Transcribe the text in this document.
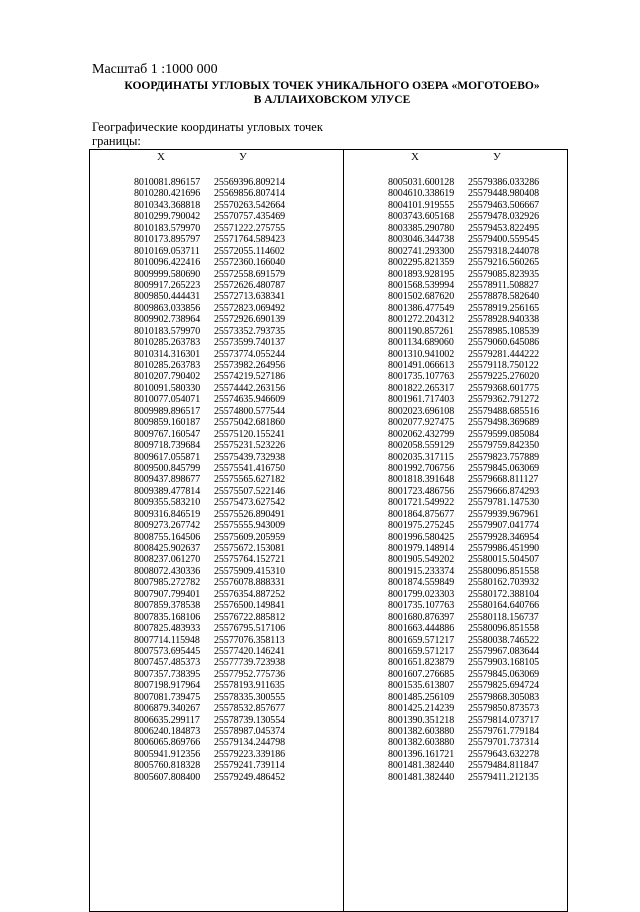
Масштаб 1 :1000 000
КООРДИНАТЫ УГЛОВЫХ ТОЧЕК УНИКАЛЬНОГО ОЗЕРА «МОГОТОЕВО»
В АЛЛАИХОВСКОМ УЛУСЕ
Географические координаты угловых точек
границы:
X	У
8010081.896157 25569396.809214
8010280.421696 25569856.807414
8010343.368818 25570263.542664
8010299.790042 25570757.435469
8010183.579970 25571222.275755
8010173.895797 25571764.589423
8010169.053711 25572055.114602
8010096.422416 25572360.166040
8009999.580690 25572558.691579
8009917.265223 25572626.480787
8009850.444431 25572713.638341
8009863.033856 25572823.069492
8009902.738964 25572926.690139
8010183.579970 25573352.793735
8010285.263783 25573599.740137
8010314.316301 25573774.055244
8010285.263783 25573982.264956
8010207.790402 25574219.527186
8010091.580330 25574442.263156
8010077.054071 25574635.946609
8009989.896517 25574800.577544
8009859.160187 25575042.681860
8009767.160547 25575120.155241
8009718.739684 25575231.523226
8009617.055871 25575439.732938
8009500.845799 25575541.416750
8009437.898677 25575565.627182
8009389.477814 25575507.522146
8009355.583210 25575473.627542
8009316.846519 25575526.890491
8009273.267742 25575555.943009
8008755.164506 25575609.205959
8008425.902637 25575672.153081
8008237.061270 25575764.152721
8008072.430336 25575909.415310
8007985.272782 25576078.888331
8007907.799401 25576354.887252
8007859.378538 25576500.149841
8007835.168106 25576722.885812
8007825.483933 25576795.517106
8007714.115948 25577076.358113
8007573.695445 25577420.146241
8007457.485373 25577739.723938
8007357.738395 25577952.775736
8007198.917964 25578193.911635
8007081.739475 25578335.300555
8006879.340267 25578532.857677
8006635.299117 25578739.130554
8006240.184873 25578987.045374
8006065.869766 25579134.244798
8005941.912356 25579223.339186
8005760.818328 25579241.739114
8005607.808400 25579249.486452
X	У
8005031.600128 25579386.033286
8004610.338619 25579448.980408
8004101.919555 25579463.506667
8003743.605168 25579478.032926
8003385.290780 25579453.822495
8003046.344738 25579400.559545
8002741.293300 25579318.244078
8002295.821359 25579216.560265
8001893.928195 25579085.823935
8001568.539994 25578911.508827
8001502.687620 25578878.582640
8001386.477549 25578919.256165
8001272.204312 25578928.940338
8001190.857261 25578985.108539
8001134.689060 25579060.645086
8001310.941002 25579281.444222
8001491.066613 25579118.750122
8001735.107763 25579225.276020
8001822.265317 25579368.601775
8001961.717403 25579362.791272
8002023.696108 25579488.685516
8002077.927475 25579498.369689
8002062.432799 25579599.085084
8002058.559129 25579759.842350
8002035.317115 25579823.757889
8001992.706756 25579845.063069
8001818.391648 25579668.811127
8001723.486756 25579666.874293
8001721.549922 25579781.147530
8001864.875677 25579939.967961
8001975.275245 25579907.041774
8001996.580425 25579928.346954
8001979.148914 25579986.451990
8001905.549202 25580015.504507
8001915.233374 25580096.851558
8001874.559849 25580162.703932
8001799.023303 25580172.388104
8001735.107763 25580164.640766
8001680.876397 25580118.156737
8001663.444886 25580096.851558
8001659.571217 25580038.746522
8001659.571217 25579967.083644
8001651.823879 25579903.168105
8001607.276685 25579845.063069
8001535.613807 25579825.694724
8001485.256109 25579868.305083
8001425.214239 25579850.873573
8001390.351218 25579814.073717
8001382.603880 25579761.779184
8001382.603880 25579701.737314
8001396.161721 25579643.632278
8001481.382440 25579484.811847
8001481.382440 25579411.212135
